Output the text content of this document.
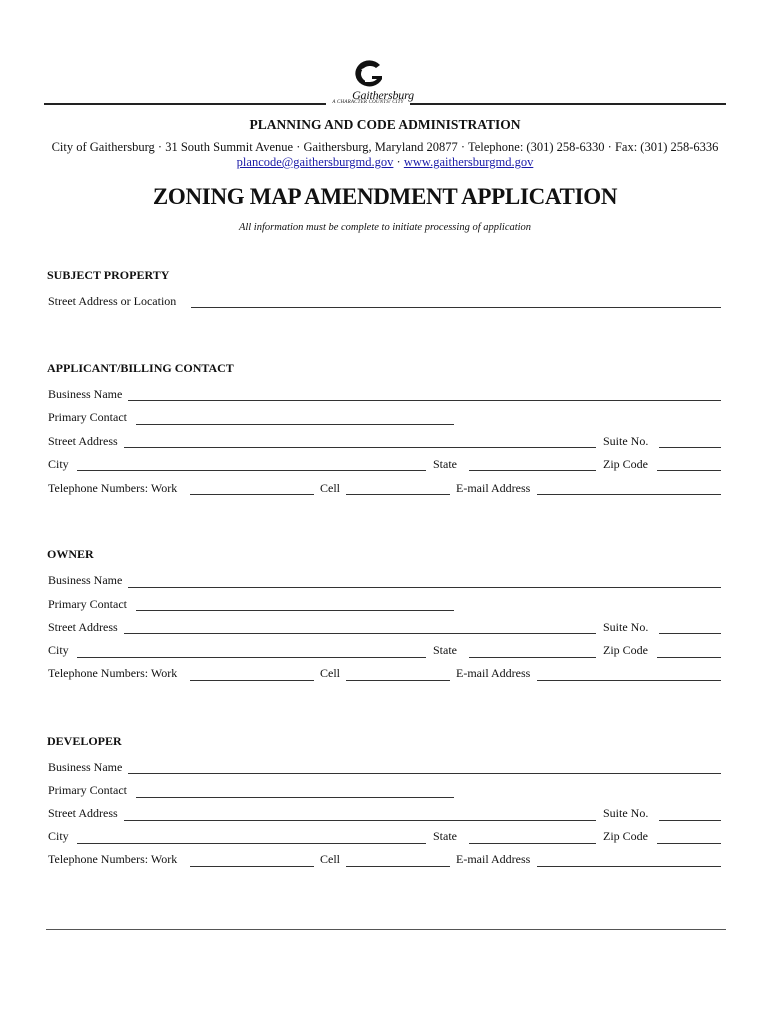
Gaithersburg
A CHARACTER COUNTS! CITY
PLANNING AND CODE ADMINISTRATION
City of Gaithersburg · 31 South Summit Avenue · Gaithersburg, Maryland 20877 · Telephone: (301) 258-6330 · Fax: (301) 258-6336
plancode@gaithersburgmd.gov · www.gaithersburgmd.gov
ZONING MAP AMENDMENT APPLICATION
All information must be complete to initiate processing of application
SUBJECT PROPERTY
Street Address or Location
APPLICANT/BILLING CONTACT
Business Name
Primary Contact
Street Address	Suite No.
City	State	Zip Code
Telephone Numbers: Work	Cell	E-mail Address
OWNER
Business Name
Primary Contact
Street Address	Suite No.
City	State	Zip Code
Telephone Numbers: Work	Cell	E-mail Address
DEVELOPER
Business Name
Primary Contact
Street Address	Suite No.
City	State	Zip Code
Telephone Numbers: Work	Cell	E-mail Address
